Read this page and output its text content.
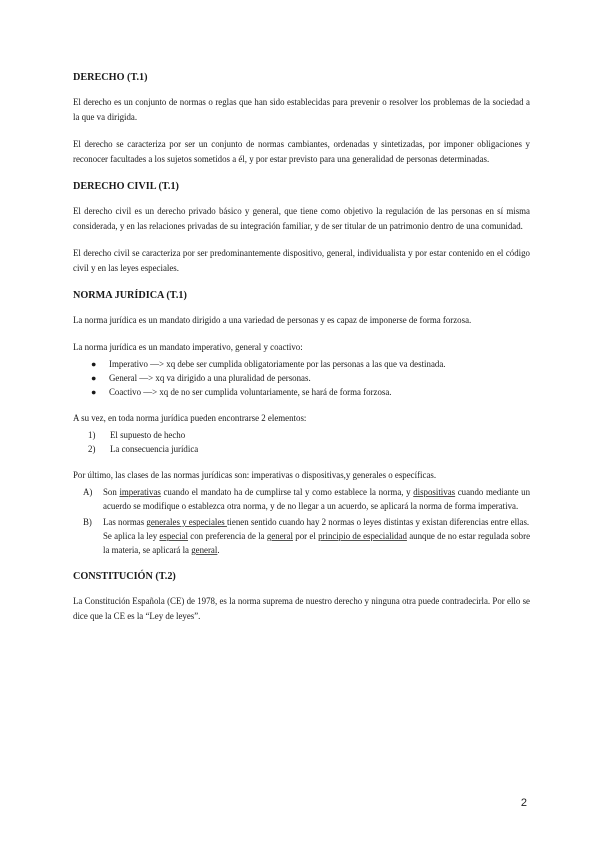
DERECHO (T.1)

El derecho es un conjunto de normas o reglas que han sido establecidas para prevenir o resolver los problemas de la sociedad a la que va dirigida.

El derecho se caracteriza por ser un conjunto de normas cambiantes, ordenadas y sintetizadas, por imponer obligaciones y reconocer facultades a los sujetos sometidos a él, y por estar previsto para una generalidad de personas determinadas.

DERECHO CIVIL (T.1)

El derecho civil es un derecho privado básico y general, que tiene como objetivo la regulación de las personas en sí misma considerada, y en las relaciones privadas de su integración familiar, y de ser titular de un patrimonio dentro de una comunidad.

El derecho civil se caracteriza por ser predominantemente dispositivo, general, individualista y por estar contenido en el código civil y en las leyes especiales.

NORMA JURÍDICA (T.1)

La norma jurídica es un mandato dirigido a una variedad de personas y es capaz de imponerse de forma forzosa.

La norma jurídica es un mandato imperativo, general y coactivo:

● Imperativo —> xq debe ser cumplida obligatoriamente por las personas a las que va destinada.
● General —> xq va dirigido a una pluralidad de personas.
● Coactivo —> xq de no ser cumplida voluntariamente, se hará de forma forzosa.

A su vez, en toda norma jurídica pueden encontrarse 2 elementos:

1) El supuesto de hecho
2) La consecuencia jurídica

Por último, las clases de las normas jurídicas son: imperativas o dispositivas,y generales o específicas.

A) Son imperativas cuando el mandato ha de cumplirse tal y como establece la norma, y dispositivas cuando mediante un acuerdo se modifique o establezca otra norma, y de no llegar a un acuerdo, se aplicará la norma de forma imperativa.
B) Las normas generales y especiales tienen sentido cuando hay 2 normas o leyes distintas y existan diferencias entre ellas.
Se aplica la ley especial con preferencia de la general por el principio de especialidad aunque de no estar regulada sobre la materia, se aplicará la general.
CONSTITUCIÓN (T.2)

La Constitución Española (CE) de 1978, es la norma suprema de nuestro derecho y ninguna otra puede contradecirla. Por ello se dice que la CE es la “Ley de leyes”.

2
